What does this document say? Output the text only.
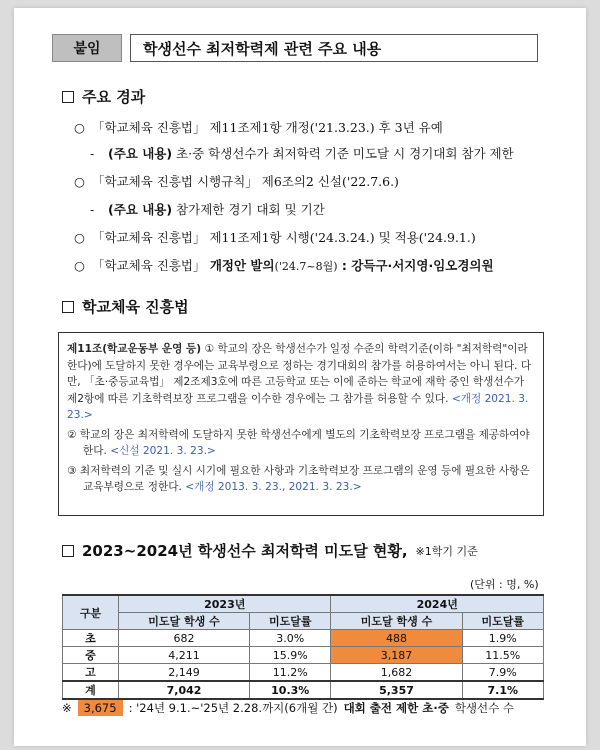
붙임	학생선수 최저학력제 관련 주요 내용
주요 경과
○ 「학교체육 진흥법」 제11조제1항 개정('21.3.23.) 후 3년 유예
- (주요 내용) 초·중 학생선수가 최저학력 기준 미도달 시 경기대회 참가 제한
○ 「학교체육 진흥법 시행규칙」 제6조의2 신설('22.7.6.)
- (주요 내용) 참가제한 경기 대회 및 기간
○ 「학교체육 진흥법」 제11조제1항 시행('24.3.24.) 및 적용('24.9.1.)
○ 「학교체육 진흥법」 개정안 발의('24.7~8월) : 강득구·서지영·임오경의원
학교체육 진흥법

제11조(학교운동부 운영 등) ① 학교의 장은 학생선수가 일정 수준의 학력기준(이하 "최저학력"이라 한다)에 도달하지 못한 경우에는 교육부령으로 정하는 경기대회의 참가를 허용하여서는 아니 된다. 다만, 「초·중등교육법」 제2조제3호에 따른 고등학교 또는 이에 준하는 학교에 재학 중인 학생선수가 제2항에 따른 기초학력보장 프로그램을 이수한 경우에는 그 참가를 허용할 수 있다. <개정 2021. 3. 23.>

② 학교의 장은 최저학력에 도달하지 못한 학생선수에게 별도의 기초학력보장 프로그램을 제공하여야 한다. <신설 2021. 3. 23.>

③ 최저학력의 기준 및 실시 시기에 필요한 사항과 기초학력보장 프로그램의 운영 등에 필요한 사항은 교육부령으로 정한다. <개정 2013. 3. 23., 2021. 3. 23.>

2023~2024년 학생선수 최저학력 미도달 현황, ※1학기 기준
(단위 : 명, %)
구분	2023년		2024년	
	미도달 학생 수	미도달률	미도달 학생 수	미도달률
초	682	3.0%	488	1.9%
중	4,211	15.9%	3,187	11.5%
고	2,149	11.2%	1,682	7.9%
계	7,042	10.3%	5,357	7.1%
※	3,675	: '24년 9.1.~'25년 2.28.까지(6개월 간) 대회 출전 제한 초·중 학생선수 수
